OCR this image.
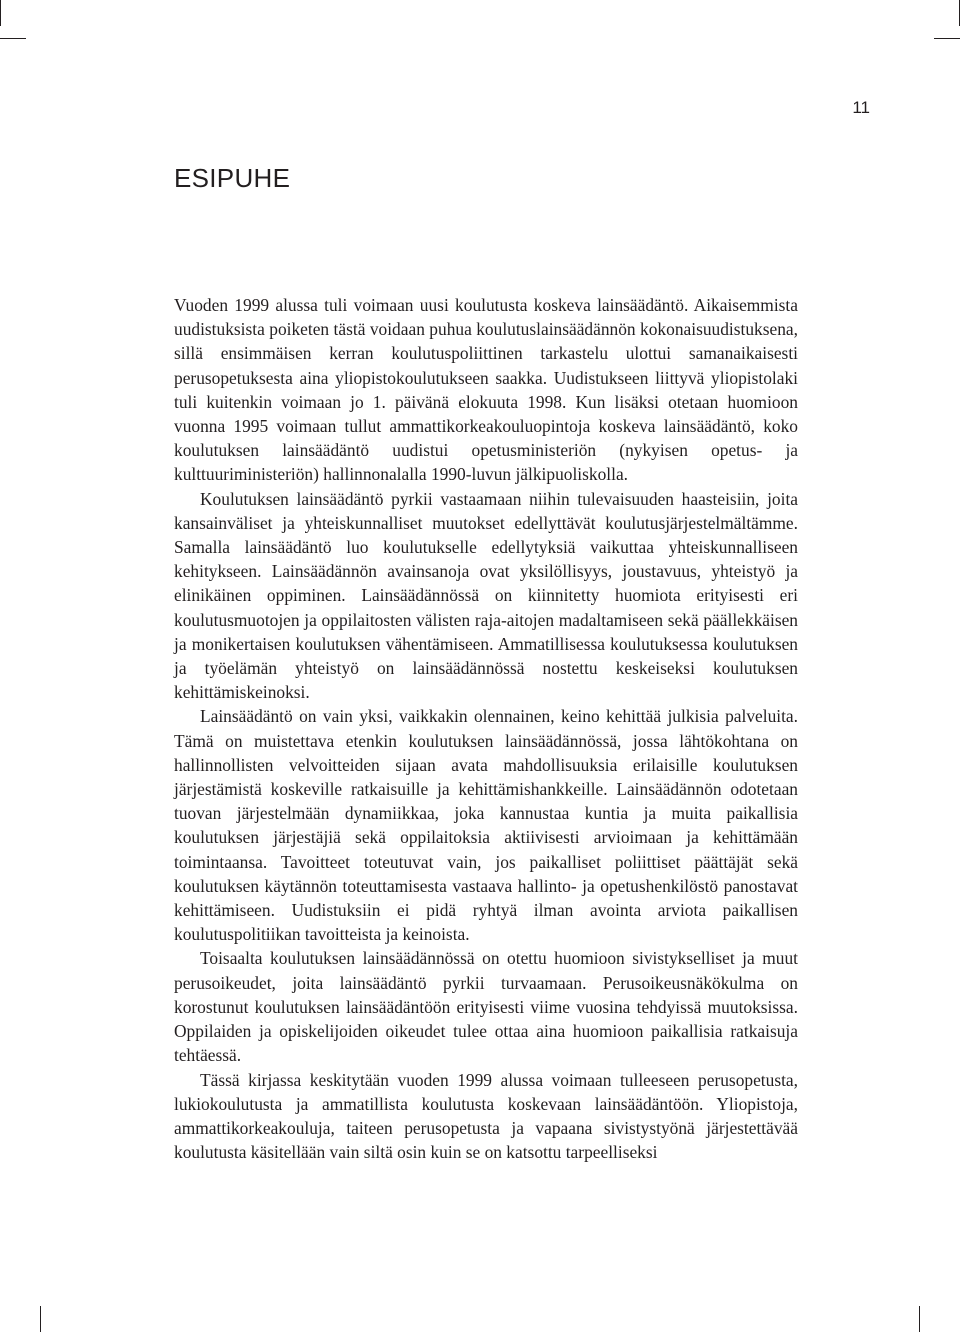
11
ESIPUHE

Vuoden 1999 alussa tuli voimaan uusi koulutusta koskeva lainsäädäntö. Aikaisemmista uudistuksista poiketen tästä voidaan puhua koulutuslainsäädännön kokonaisuudistuksena, sillä ensimmäisen kerran koulutuspoliittinen tarkastelu ulottui samanaikaisesti perusopetuksesta aina yliopistokoulutukseen saakka. Uudistukseen liittyvä yliopistolaki tuli kuitenkin voimaan jo 1. päivänä elokuuta 1998. Kun lisäksi otetaan huomioon vuonna 1995 voimaan tullut ammattikorkeakouluopintoja koskeva lainsäädäntö, koko koulutuksen lainsäädäntö uudistui opetusministeriön (nykyisen opetus- ja kulttuuriministeriön) hallinnonalalla 1990-luvun jälkipuoliskolla.

Koulutuksen lainsäädäntö pyrkii vastaamaan niihin tulevaisuuden haasteisiin, joita kansainväliset ja yhteiskunnalliset muutokset edellyttävät koulutusjärjestelmältämme. Samalla lainsäädäntö luo koulutukselle edellytyksiä vaikuttaa yhteiskunnalliseen kehitykseen. Lainsäädännön avainsanoja ovat yksilöllisyys, joustavuus, yhteistyö ja elinikäinen oppiminen. Lainsäädännössä on kiinnitetty huomiota erityisesti eri koulutusmuotojen ja oppilaitosten välisten raja-aitojen madaltamiseen sekä päällekkäisen ja monikertaisen koulutuksen vähentämiseen. Ammatillisessa koulutuksessa koulutuksen ja työelämän yhteistyö on lainsäädännössä nostettu keskeiseksi koulutuksen kehittämiskeinoksi.

Lainsäädäntö on vain yksi, vaikkakin olennainen, keino kehittää julkisia palveluita. Tämä on muistettava etenkin koulutuksen lainsäädännössä, jossa lähtökohtana on hallinnollisten velvoitteiden sijaan avata mahdollisuuksia erilaisille koulutuksen järjestämistä koskeville ratkaisuille ja kehittämishankkeille. Lainsäädännön odotetaan tuovan järjestelmään dynamiikkaa, joka kannustaa kuntia ja muita paikallisia koulutuksen järjestäjiä sekä oppilaitoksia aktiivisesti arvioimaan ja kehittämään toimintaansa. Tavoitteet toteutuvat vain, jos paikalliset poliittiset päättäjät sekä koulutuksen käytännön toteuttamisesta vastaava hallinto- ja opetushenkilöstö panostavat kehittämiseen. Uudistuksiin ei pidä ryhtyä ilman avointa arviota paikallisen koulutuspolitiikan tavoitteista ja keinoista.

Toisaalta koulutuksen lainsäädännössä on otettu huomioon sivistykselliset ja muut perusoikeudet, joita lainsäädäntö pyrkii turvaamaan. Perusoikeusnäkökulma on korostunut koulutuksen lainsäädäntöön erityisesti viime vuosina tehdyissä muutoksissa. Oppilaiden ja opiskelijoiden oikeudet tulee ottaa aina huomioon paikallisia ratkaisuja tehtäessä.

Tässä kirjassa keskitytään vuoden 1999 alussa voimaan tulleeseen perusopetusta, lukiokoulutusta ja ammatillista koulutusta koskevaan lainsäädäntöön. Yliopistoja, ammattikorkeakouluja, taiteen perusopetusta ja vapaana sivistystyönä järjestettävää koulutusta käsitellään vain siltä osin kuin se on katsottu tarpeelliseksi
